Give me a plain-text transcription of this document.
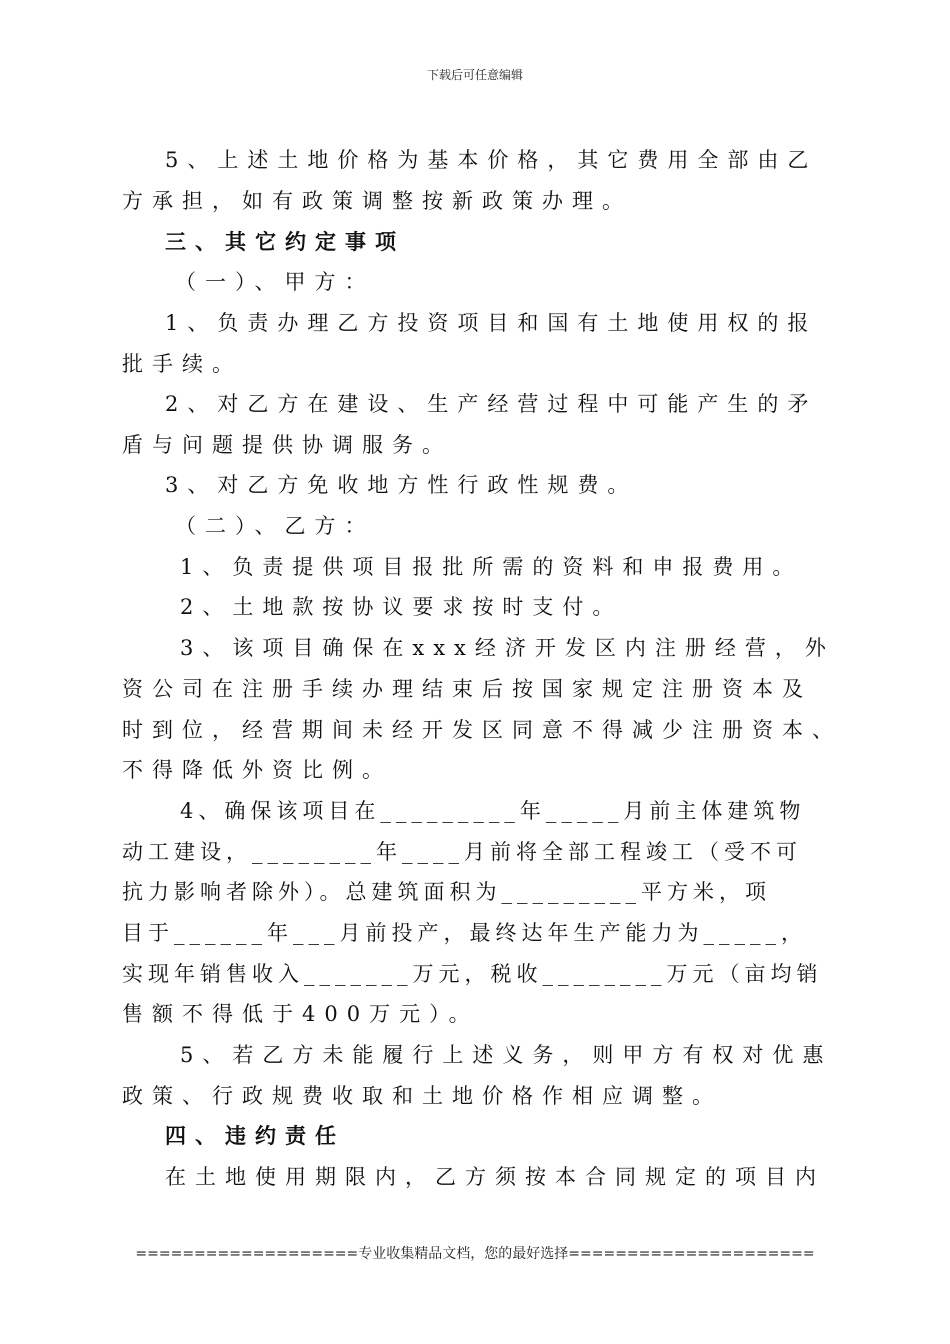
下载后可任意编辑
5、上述土地价格为基本价格，其它费用全部由乙
方承担，如有政策调整按新政策办理。
三、其它约定事项
（一）、甲方：
1、负责办理乙方投资项目和国有土地使用权的报
批手续。
2、对乙方在建设、生产经营过程中可能产生的矛
盾与问题提供协调服务。
3、对乙方免收地方性行政性规费。
（二）、乙方：
1、负责提供项目报批所需的资料和申报费用。
2、土地款按协议要求按时支付。
3、该项目确保在xxx经济开发区内注册经营，外
资公司在注册手续办理结束后按国家规定注册资本及
时到位，经营期间未经开发区同意不得减少注册资本、
不得降低外资比例。
4、确保该项目在_________年_____月前主体建筑物
动工建设，________年____月前将全部工程竣工（受不可
抗力影响者除外）。总建筑面积为_________平方米，项
目于______年___月前投产，最终达年生产能力为_____，
实现年销售收入_______万元，税收________万元（亩均销
售额不得低于400万元）。
5、若乙方未能履行上述义务，则甲方有权对优惠
政策、行政规费收取和土地价格作相应调整。
四、违约责任
在土地使用期限内，乙方须按本合同规定的项目内
===================专业收集精品文档，您的最好选择=====================
